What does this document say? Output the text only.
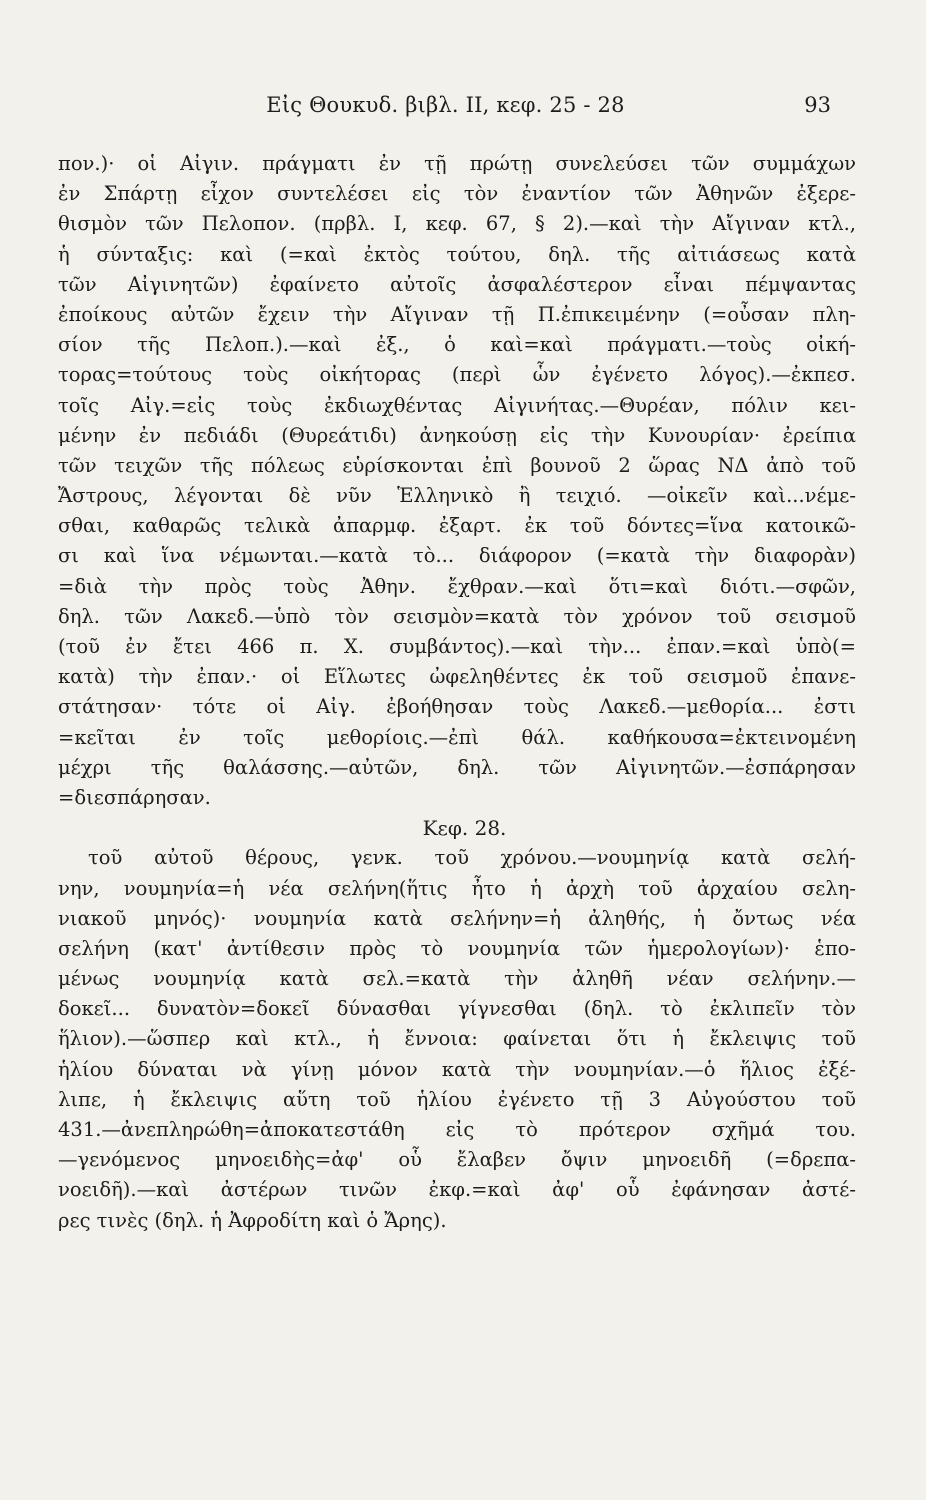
Εἰς Θουκυδ. βιβλ. II, κεφ. 25 - 28	93
πον.)· οἱ Αἰγιν. πράγματι ἐν τῇ πρώτῃ συνελεύσει τῶν συμμάχων
ἐν Σπάρτῃ εἶχον συντελέσει εἰς τὸν ἐναντίον τῶν Ἀθηνῶν ἐξερε-
θισμὸν τῶν Πελοπον. (πρβλ. I, κεφ. 67, § 2).—καὶ τὴν Αἴγιναν κτλ.,
ἡ σύνταξις: καὶ (=καὶ ἐκτὸς τούτου, δηλ. τῆς αἰτιάσεως κατὰ
τῶν Αἰγινητῶν) ἐφαίνετο αὐτοῖς ἀσφαλέστερον εἶναι πέμψαντας
ἐποίκους αὐτῶν ἔχειν τὴν Αἴγιναν τῇ Π.ἐπικειμένην (=οὖσαν πλη-
σίον τῆς Πελοπ.).—καὶ ἐξ., ὁ καὶ=καὶ πράγματι.—τοὺς οἰκή-
τορας=τούτους τοὺς οἰκήτορας (περὶ ὧν ἐγένετο λόγος).—ἐκπεσ.
τοῖς Αἰγ.=εἰς τοὺς ἐκδιωχθέντας Αἰγινήτας.—Θυρέαν, πόλιν κει-
μένην ἐν πεδιάδι (Θυρεάτιδι) ἀνηκούσῃ εἰς τὴν Κυνουρίαν· ἐρείπια
τῶν τειχῶν τῆς πόλεως εὑρίσκονται ἐπὶ βουνοῦ 2 ὥρας ΝΔ ἀπὸ τοῦ
Ἄστρους, λέγονται δὲ νῦν Ἑλληνικὸ ἢ τειχιό. —οἰκεῖν καὶ...νέμε-
σθαι, καθαρῶς τελικὰ ἀπαρμφ. ἐξαρτ. ἐκ τοῦ δόντες=ἵνα κατοικῶ-
σι καὶ ἵνα νέμωνται.—κατὰ τὸ... διάφορον (=κατὰ τὴν διαφορὰν)
=διὰ τὴν πρὸς τοὺς Ἀθην. ἔχθραν.—καὶ ὅτι=καὶ διότι.—σφῶν,
δηλ. τῶν Λακεδ.—ὑπὸ τὸν σεισμὸν=κατὰ τὸν χρόνον τοῦ σεισμοῦ
(τοῦ ἐν ἔτει 466 π. Χ. συμβάντος).—καὶ τὴν... ἐπαν.=καὶ ὑπὸ(=
κατὰ) τὴν ἐπαν.· οἱ Εἵλωτες ὠφεληθέντες ἐκ τοῦ σεισμοῦ ἐπανε-
στάτησαν· τότε οἱ Αἰγ. ἐβοήθησαν τοὺς Λακεδ.—μεθορία... ἐστι
=κεῖται ἐν τοῖς μεθορίοις.—ἐπὶ θάλ. καθήκουσα=ἐκτεινομένη
μέχρι τῆς θαλάσσης.—αὐτῶν, δηλ. τῶν Αἰγινητῶν.—ἐσπάρησαν
=διεσπάρησαν.
Κεφ. 28.
τοῦ αὐτοῦ θέρους, γενκ. τοῦ χρόνου.—νουμηνίᾳ κατὰ σελή-
νην, νουμηνία=ἡ νέα σελήνη(ἥτις ἦτο ἡ ἀρχὴ τοῦ ἀρχαίου σελη-
νιακοῦ μηνός)· νουμηνία κατὰ σελήνην=ἡ ἀληθής, ἡ ὄντως νέα
σελήνη (κατ' ἀντίθεσιν πρὸς τὸ νουμηνία τῶν ἡμερολογίων)· ἑπο-
μένως νουμηνίᾳ κατὰ σελ.=κατὰ τὴν ἀληθῆ νέαν σελήνην.—
δοκεῖ... δυνατὸν=δοκεῖ δύνασθαι γίγνεσθαι (δηλ. τὸ ἐκλιπεῖν τὸν
ἥλιον).—ὥσπερ καὶ κτλ., ἡ ἔννοια: φαίνεται ὅτι ἡ ἔκλειψις τοῦ
ἡλίου δύναται νὰ γίνῃ μόνον κατὰ τὴν νουμηνίαν.—ὁ ἥλιος ἐξέ-
λιπε, ἡ ἔκλειψις αὕτη τοῦ ἡλίου ἐγένετο τῇ 3 Αὐγούστου τοῦ
431.—ἀνεπληρώθη=ἀποκατεστάθη εἰς τὸ πρότερον σχῆμά του.
—γενόμενος μηνοειδὴς=ἀφ' οὗ ἔλαβεν ὄψιν μηνοειδῆ (=δρεπα-
νοειδῆ).—καὶ ἀστέρων τινῶν ἐκφ.=καὶ ἀφ' οὗ ἐφάνησαν ἀστέ-
ρες τινὲς (δηλ. ἡ Ἀφροδίτη καὶ ὁ Ἄρης).
